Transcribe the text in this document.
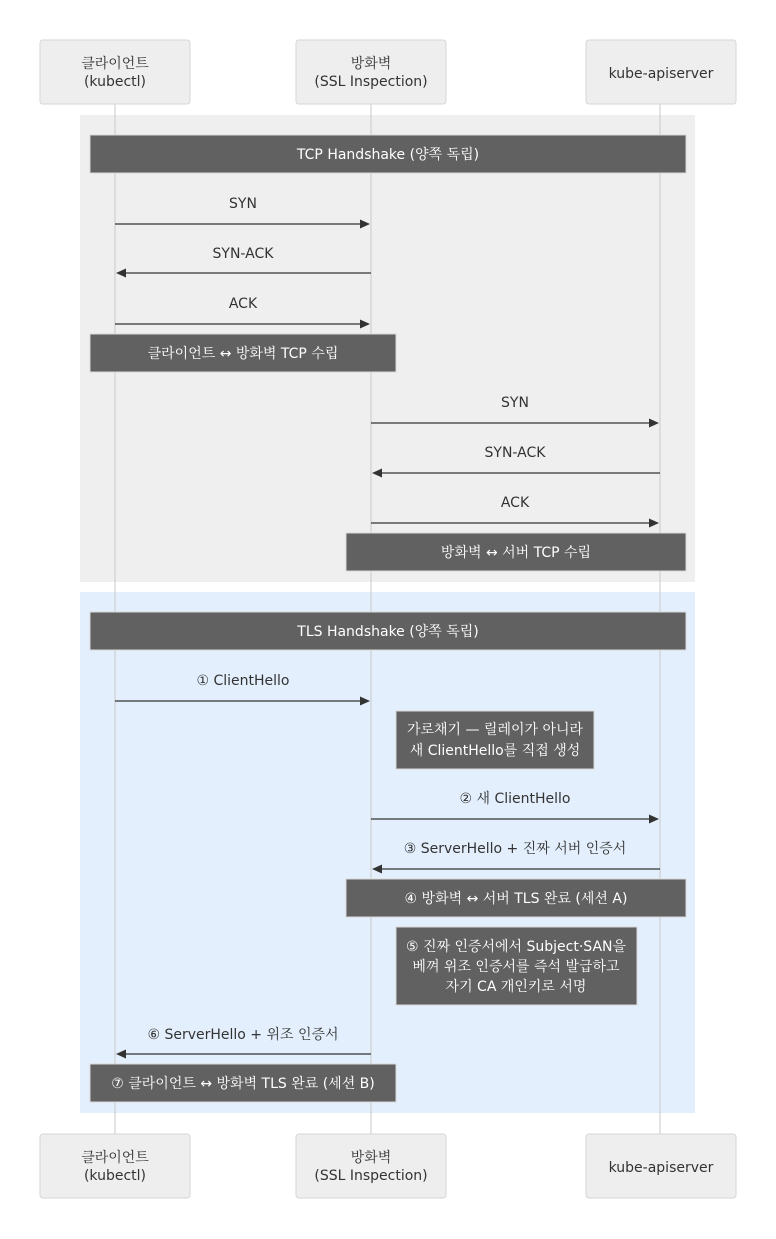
클라이언트
(kubectl)
방화벽
(SSL Inspection)	kube-apiserver
클라이언트
(kubectl)
방화벽
(SSL Inspection)	kube-apiserver
TCP Handshake (양쪽 독립)
SYN
SYN-ACK
ACK
클라이언트 ↔ 방화벽 TCP 수립
SYN
SYN-ACK
ACK
방화벽 ↔ 서버 TCP 수립
TLS Handshake (양쪽 독립)
① ClientHello
가로채기 — 릴레이가 아니라
새 ClientHello를 직접 생성
② 새 ClientHello
③ ServerHello + 진짜 서버 인증서
④ 방화벽 ↔ 서버 TLS 완료 (세션 A)
⑤ 진짜 인증서에서 Subject·SAN을
베껴 위조 인증서를 즉석 발급하고
자기 CA 개인키로 서명
⑥ ServerHello + 위조 인증서
⑦ 클라이언트 ↔ 방화벽 TLS 완료 (세션 B)
